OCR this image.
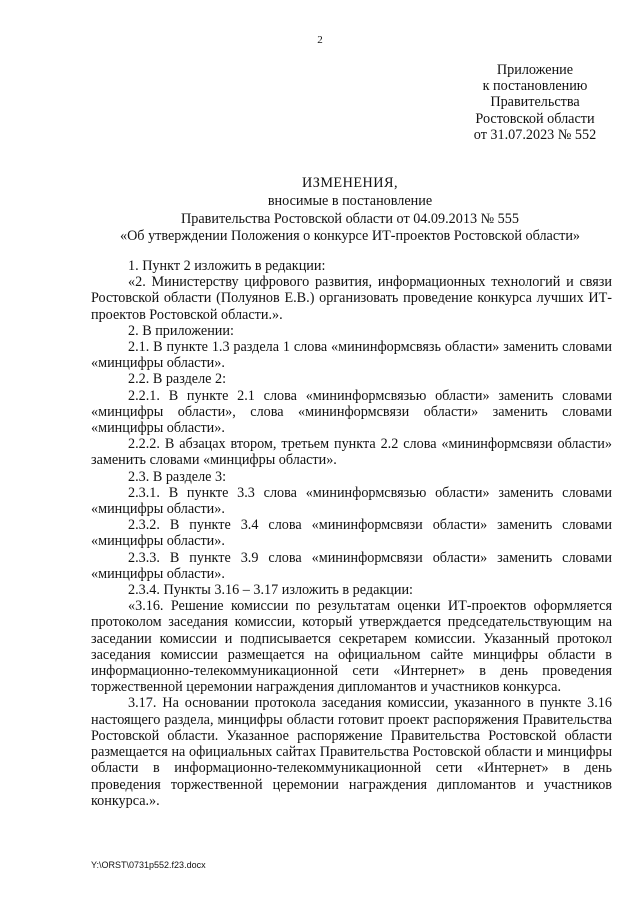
2
Приложение
к постановлению
Правительства
Ростовской области
от 31.07.2023 № 552
ИЗМЕНЕНИЯ,
вносимые в постановление
Правительства Ростовской области от 04.09.2013 № 555
«Об утверждении Положения о конкурсе ИТ-проектов Ростовской области»

1. Пункт 2 изложить в редакции:

«2. Министерству цифрового развития, информационных технологий и связи Ростовской области (Полуянов Е.В.) организовать проведение конкурса лучших ИТ-проектов Ростовской области.».

2. В приложении:

2.1. В пункте 1.3 раздела 1 слова «мининформсвязь области» заменить словами «минцифры области».

2.2. В разделе 2:

2.2.1. В пункте 2.1 слова «мининформсвязью области» заменить словами «минцифры области», слова «мининформсвязи области» заменить словами «минцифры области».

2.2.2. В абзацах втором, третьем пункта 2.2 слова «мининформсвязи области» заменить словами «минцифры области».

2.3. В разделе 3:

2.3.1. В пункте 3.3 слова «мининформсвязью области» заменить словами «минцифры области».

2.3.2. В пункте 3.4 слова «мининформсвязи области» заменить словами «минцифры области».

2.3.3. В пункте 3.9 слова «мининформсвязи области» заменить словами «минцифры области».

2.3.4. Пункты 3.16 – 3.17 изложить в редакции:

«3.16. Решение комиссии по результатам оценки ИТ-проектов оформляется протоколом заседания комиссии, который утверждается председательствующим на заседании комиссии и подписывается секретарем комиссии. Указанный протокол заседания комиссии размещается на официальном сайте минцифры области в информационно-телекоммуникационной сети «Интернет» в день проведения торжественной церемонии награждения дипломантов и участников конкурса.

3.17. На основании протокола заседания комиссии, указанного в пункте 3.16 настоящего раздела, минцифры области готовит проект распоряжения Правительства Ростовской области. Указанное распоряжение Правительства Ростовской области размещается на официальных сайтах Правительства Ростовской области и минцифры области в информационно-телекоммуникационной сети «Интернет» в день проведения торжественной церемонии награждения дипломантов и участников конкурса.».

Y:\ORST\0731p552.f23.docx
